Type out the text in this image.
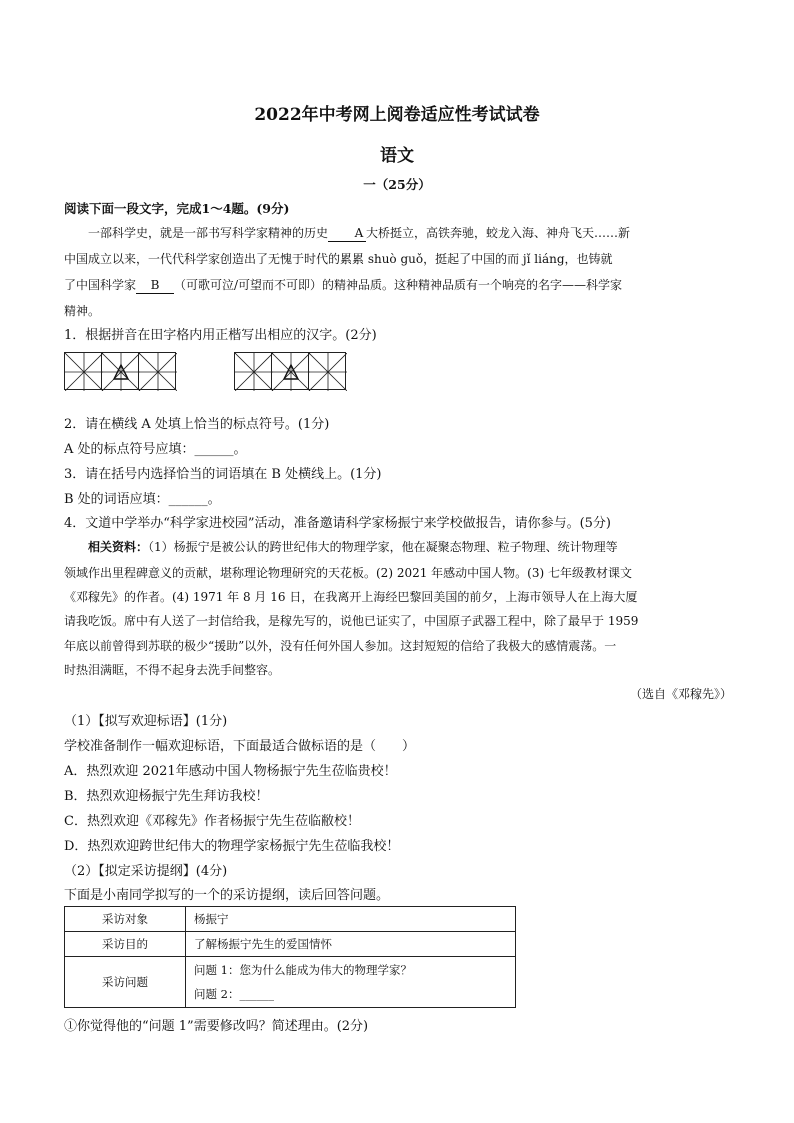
2022年中考网上阅卷适应性考试试卷
语文
一（25分）
阅读下面一段文字，完成1～4题。(9分)
一部科学史，就是一部书写科学家精神的历史 A 大桥挺立，高铁奔驰，蛟龙入海、神舟飞天……新
中国成立以来，一代代科学家创造出了无愧于时代的累累 shuò guǒ，挺起了中国的而 jǐ liáng，也铸就
了中国科学家 B （可歌可泣/可望而不可即）的精神品质。这种精神品质有一个响亮的名字——科学家
精神。
1．根据拼音在田字格内用正楷写出相应的汉字。(2分)
2．请在横线 A 处填上恰当的标点符号。(1分)
A 处的标点符号应填：______。
3．请在括号内选择恰当的词语填在 B 处横线上。(1分)
B 处的词语应填：______。
4．文道中学举办“科学家进校园”活动，准备邀请科学家杨振宁来学校做报告，请你参与。(5分)
相关资料：（1）杨振宁是被公认的跨世纪伟大的物理学家，他在凝聚态物理、粒子物理、统计物理等
领域作出里程碑意义的贡献，堪称理论物理研究的天花板。(2) 2021 年感动中国人物。(3) 七年级教材课文
《邓稼先》的作者。(4) 1971 年 8 月 16 日，在我离开上海经巴黎回美国的前夕，上海市领导人在上海大厦
请我吃饭。席中有人送了一封信给我，是稼先写的，说他已证实了，中国原子武器工程中，除了最早于 1959
年底以前曾得到苏联的极少“援助”以外，没有任何外国人参加。这封短短的信给了我极大的感情震荡。一
时热泪满眶，不得不起身去洗手间整容。
（选自《邓稼先》）
（1）【拟写欢迎标语】(1分)
学校准备制作一幅欢迎标语，下面最适合做标语的是（　　）
A．热烈欢迎 2021年感动中国人物杨振宁先生莅临贵校！
B．热烈欢迎杨振宁先生拜访我校！
C．热烈欢迎《邓稼先》作者杨振宁先生莅临敝校！
D．热烈欢迎跨世纪伟大的物理学家杨振宁先生莅临我校！
（2）【拟定采访提纲】(4分)
下面是小南同学拟写的一个的采访提纲，读后回答问题。
采访对象	杨振宁
采访目的	了解杨振宁先生的爱国情怀
采访问题	问题 1：您为什么能成为伟大的物理学家？
问题 2：______
①你觉得他的“问题 1”需要修改吗？简述理由。(2分)
